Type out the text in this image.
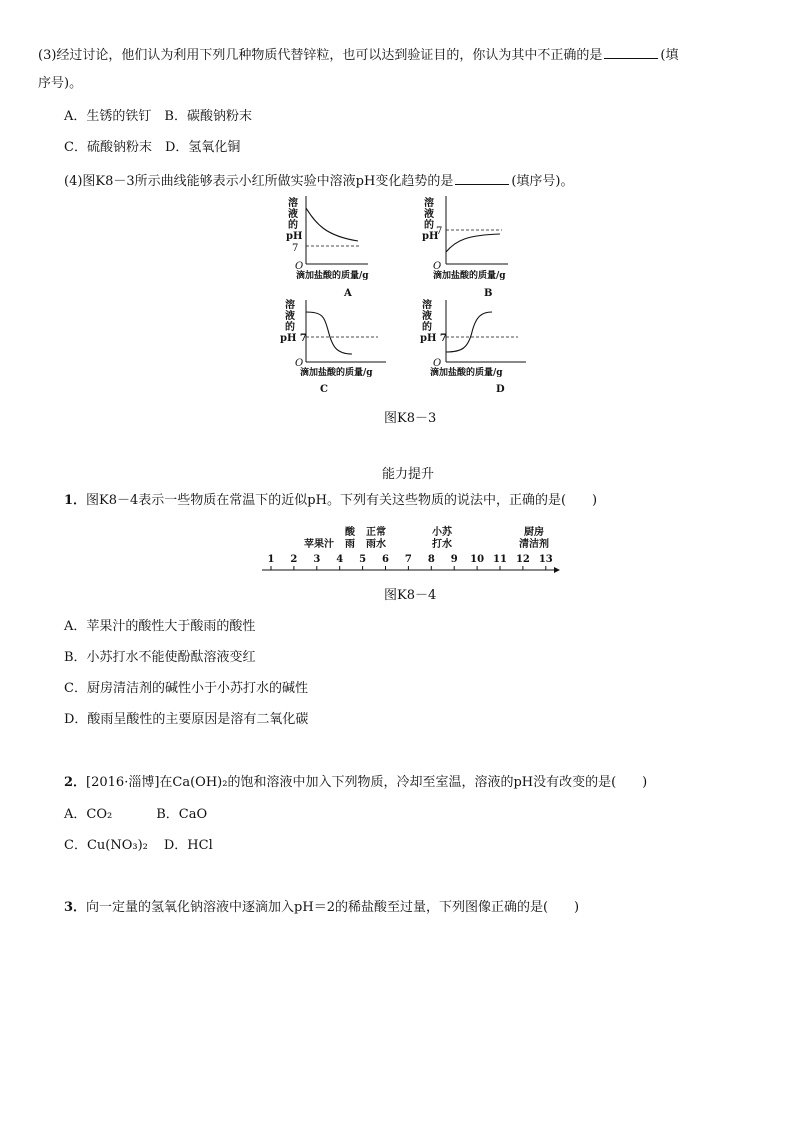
(3)经过讨论，他们认为利用下列几种物质代替锌粒，也可以达到验证目的，你认为其中不正确的是	(填
序号)。
A．生锈的铁钉　B．碳酸钠粉末
C．硫酸钠粉末　D．氢氧化铜
(4)图K8－3所示曲线能够表示小红所做实验中溶液pH变化趋势的是	(填序号)。
溶
液
的
pH
7
O
滴加盐酸的质量/g
A
溶
液
的
pH
7
O
滴加盐酸的质量/g
B
溶
液
的
pH 7
O
滴加盐酸的质量/g
C
溶
液
的
pH 7
O
滴加盐酸的质量/g
D
图K8－3
能力提升
1．图K8－4表示一些物质在常温下的近似pH。下列有关这些物质的说法中，正确的是(　　)
苹果汁
酸
雨
正常
雨水
小苏
打水
厨房
清洁剂
1 2 3 4 5 6 7 8 9 10 11 12 13
图K8－4
A．苹果汁的酸性大于酸雨的酸性
B．小苏打水不能使酚酞溶液变红
C．厨房清洁剂的碱性小于小苏打水的碱性
D．酸雨呈酸性的主要原因是溶有二氧化碳
2．[2016·淄博]在Ca(OH)₂的饱和溶液中加入下列物质，冷却至室温，溶液的pH没有改变的是(　　)
A．CO₂	B．CaO
C．Cu(NO₃)₂ D．HCl
3．向一定量的氢氧化钠溶液中逐滴加入pH＝2的稀盐酸至过量，下列图像正确的是(　　)
